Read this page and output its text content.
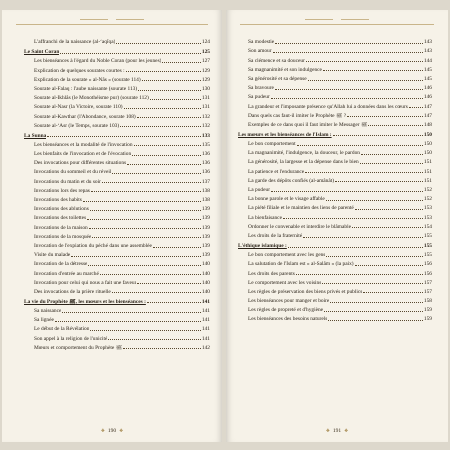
L'affranchi de la naissance (al-‘aqîqa)	124
Le Saint Coran	125
Les bienséances à l'égard du Noble Coran (pour les jeunes)	127
Explication de quelques sourates courtes :	129
Explication de la sourate « al-Nâs » (sourate 114)	129
Sourate al-Falaq : l'aube naissante (sourate 113)	130
Sourate al-Ikhlâs (le Monothéisme pur) (sourate 112)	131
Sourate al-Nasr (la Victoire, sourate 110)	131
Sourate al-Kawthar (l'Abondance, sourate 108)	132
Sourate al-‘Asr (le Temps, sourate 103)	132
La Sunna	133
Les bienséances et la modalité de l'invocation	135
Les bienfaits de l'invocation et de l'évocation	136
Des invocations pour différentes situations	136
Invocations du sommeil et du réveil	136
Invocations du matin et du soir	137
Invocations lors des repas	138
Invocations des habits	138
Invocations des ablutions	139
Invocations des toilettes	139
Invocations de la maison	139
Invocations de la mosquée	139
Invocation de l'expiation du péché dans une assemblée	139
Visite du malade	139
Invocation de la détresse	140
Invocation d'entrée au marché	140
Invocation pour celui qui nous a fait une faveur	140
Des invocations de la prière rituelle	140
La vie du Prophète ﷺ, les mœurs et les bienséances :	141
Sa naissance	141
Sa lignée	141
Le début de la Révélation	141
Son appel à la religion de l'unicité	141
Mœurs et comportement du Prophète ﷺ	142
❖ 190 ❖
Sa modestie	143
Son amour	143
Sa clémence et sa douceur	144
Sa magnanimité et son indulgence	145
Sa générosité et sa dépense	145
Sa bravoure	146
Sa pudeur	146
La grandeur et l'imposante présence qu'Allah lui a données dans les cœurs	147
Dans quels cas faut-il imiter le Prophète ﷺ ?	147
Exemples de ce dans quoi il faut imiter le Messager ﷺ	148
Les mœurs et les bienséances de l'Islam :	150
Le bon comportement	150
La magnanimité, l'indulgence, la douceur, le pardon	150
La générosité, la largesse et la dépense dans le bien	151
La patience et l'endurance	151
La garde des dépôts confiés (al-amânât)	151
La pudeur	152
La bonne parole et le visage affable	152
La piété filiale et le maintien des liens de parenté	153
La bienfaisance	153
Ordonner le convenable et interdire le blâmable	154
Les droits de la fraternité	155
L'éthique islamique :	155
Le bon comportement avec les gens	155
La salutation de l'Islam est « al-Salâm » (la paix)	156
Les droits des parents	156
Le comportement avec les voisins	157
Les règles de préservation des biens privés et publics	157
Les bienséances pour manger et boire	158
Les règles de propreté et d'hygiène	159
Les bienséances des besoins naturels	159
❖ 191 ❖
